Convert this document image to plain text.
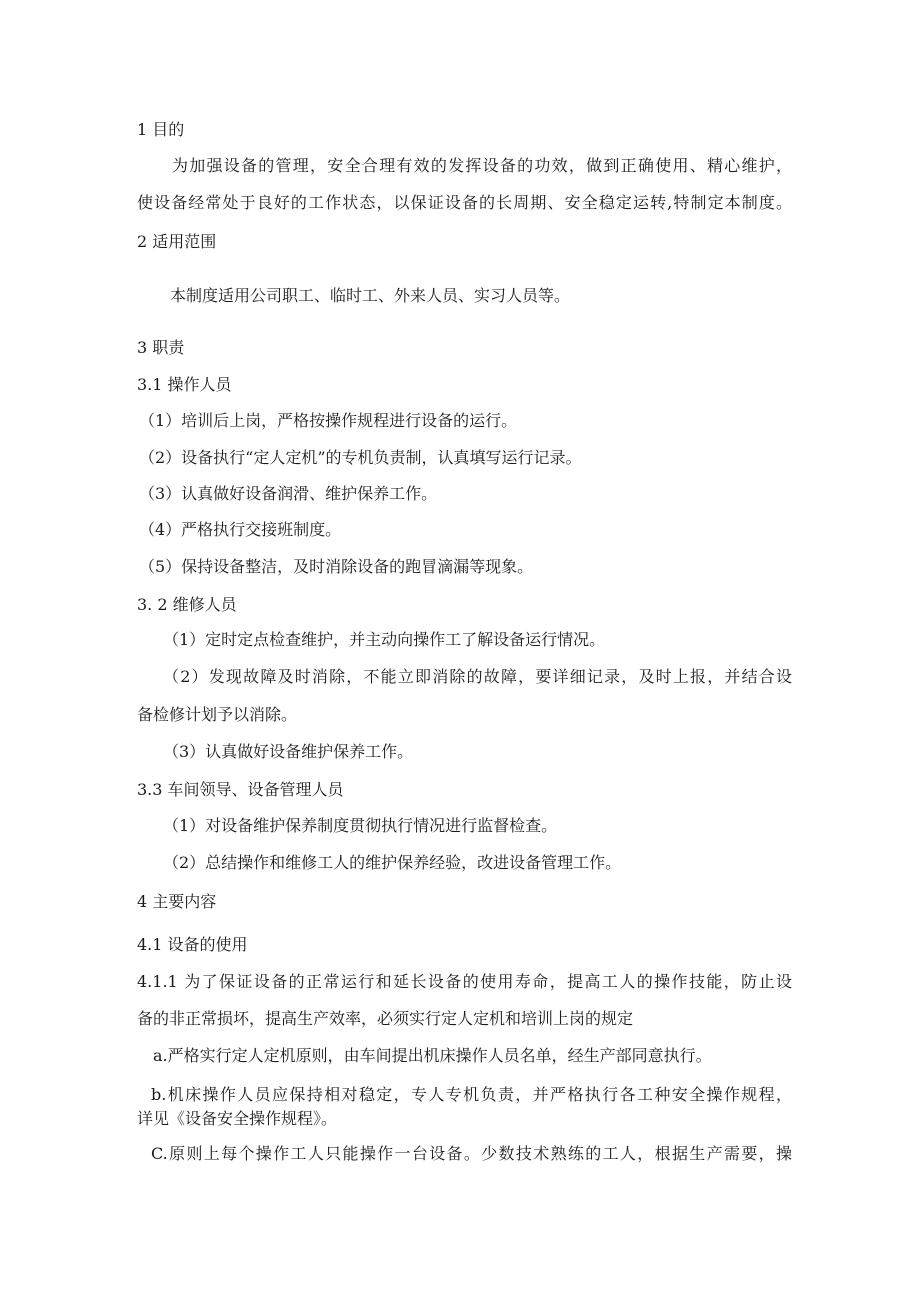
1 目的

为加强设备的管理，安全合理有效的发挥设备的功效，做到正确使用、精心维护，

使设备经常处于良好的工作状态，以保证设备的长周期、安全稳定运转,特制定本制度。

2 适用范围

本制度适用公司职工、临时工、外来人员、实习人员等。

3 职责

3.1 操作人员

（1）培训后上岗，严格按操作规程进行设备的运行。

（2）设备执行“定人定机”的专机负责制，认真填写运行记录。

（3）认真做好设备润滑、维护保养工作。

（4）严格执行交接班制度。

（5）保持设备整洁，及时消除设备的跑冒滴漏等现象。

3. 2 维修人员

（1）定时定点检查维护，并主动向操作工了解设备运行情况。

（2）发现故障及时消除，不能立即消除的故障，要详细记录，及时上报，并结合设

备检修计划予以消除。

（3）认真做好设备维护保养工作。

3.3 车间领导、设备管理人员

（1）对设备维护保养制度贯彻执行情况进行监督检查。

（2）总结操作和维修工人的维护保养经验，改进设备管理工作。

4 主要内容

4.1 设备的使用

4.1.1 为了保证设备的正常运行和延长设备的使用寿命，提高工人的操作技能，防止设

备的非正常损坏，提高生产效率，必须实行定人定机和培训上岗的规定

a.严格实行定人定机原则，由车间提出机床操作人员名单，经生产部同意执行。

b.机床操作人员应保持相对稳定，专人专机负责，并严格执行各工种安全操作规程，

详见《设备安全操作规程》。

C.原则上每个操作工人只能操作一台设备。少数技术熟练的工人，根据生产需要，操
